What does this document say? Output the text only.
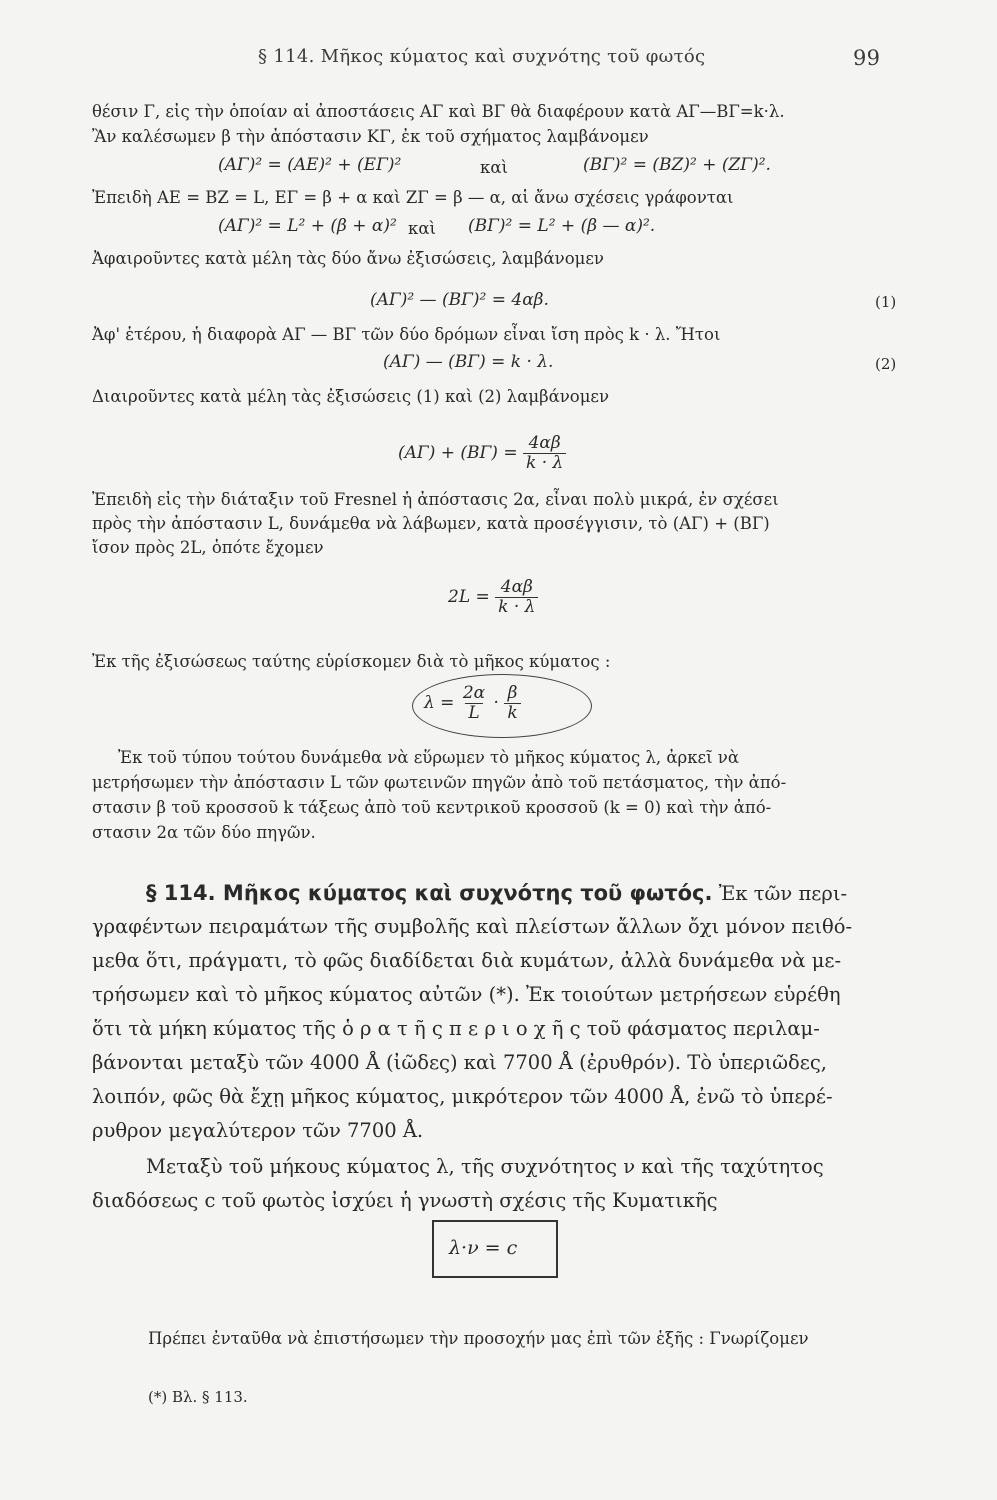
§ 114. Μῆκος κύματος καὶ συχνότης τοῦ φωτός	99
θέσιν Γ, εἰς τὴν ὁποίαν αἱ ἀποστάσεις ΑΓ καὶ ΒΓ θὰ διαφέρουν κατὰ ΑΓ—ΒΓ=k·λ.
Ἂν καλέσωμεν β τὴν ἀπόστασιν ΚΓ, ἐκ τοῦ σχήματος λαμβάνομεν
(ΑΓ)² = (ΑΕ)² + (ΕΓ)²	καὶ	(ΒΓ)² = (ΒΖ)² + (ΖΓ)².
Ἐπειδὴ ΑΕ = ΒΖ = L, ΕΓ = β + α καὶ ΖΓ = β — α, αἱ ἄνω σχέσεις γράφονται
(ΑΓ)² = L² + (β + α)² καὶ (ΒΓ)² = L² + (β — α)².
Ἀφαιροῦντες κατὰ μέλη τὰς δύο ἄνω ἐξισώσεις, λαμβάνομεν
(ΑΓ)² — (ΒΓ)² = 4αβ.	(1)
Ἀφ' ἑτέρου, ἡ διαφορὰ ΑΓ — ΒΓ τῶν δύο δρόμων εἶναι ἴση πρὸς k · λ. Ἤτοι
(ΑΓ) — (ΒΓ) = k · λ.	(2)
Διαιροῦντες κατὰ μέλη τὰς ἐξισώσεις (1) καὶ (2) λαμβάνομεν
$(A\Gamma) + (B\Gamma) = \frac{4\alpha\beta}{k \cdot \lambda}$
Ἐπειδὴ εἰς τὴν διάταξιν τοῦ Fresnel ἡ ἀπόστασις 2α, εἶναι πολὺ μικρά, ἐν σχέσει
πρὸς τὴν ἀπόστασιν L, δυνάμεθα νὰ λάβωμεν, κατὰ προσέγγισιν, τὸ (ΑΓ) + (ΒΓ)
ἴσον πρὸς 2L, ὁπότε ἔχομεν
$2L = \frac{4\alpha\beta}{k \cdot \lambda}$
Ἐκ τῆς ἐξισώσεως ταύτης εὑρίσκομεν διὰ τὸ μῆκος κύματος :
$\lambda = \frac{2\alpha}{L} \cdot \frac{\beta}{k}$
Ἐκ τοῦ τύπου τούτου δυνάμεθα νὰ εὕρωμεν τὸ μῆκος κύματος λ, ἀρκεῖ νὰ
μετρήσωμεν τὴν ἀπόστασιν L τῶν φωτεινῶν πηγῶν ἀπὸ τοῦ πετάσματος, τὴν ἀπό-
στασιν β τοῦ κροσσοῦ k τάξεως ἀπὸ τοῦ κεντρικοῦ κροσσοῦ (k = 0) καὶ τὴν ἀπό-
στασιν 2α τῶν δύο πηγῶν.
§ 114. Μῆκος κύματος καὶ συχνότης τοῦ φωτός. Ἐκ τῶν περι-
γραφέντων πειραμάτων τῆς συμβολῆς καὶ πλείστων ἄλλων ὄχι μόνον πειθό-
μεθα ὅτι, πράγματι, τὸ φῶς διαδίδεται διὰ κυμάτων, ἀλλὰ δυνάμεθα νὰ με-
τρήσωμεν καὶ τὸ μῆκος κύματος αὐτῶν (*). Ἐκ τοιούτων μετρήσεων εὑρέθη
ὅτι τὰ μήκη κύματος τῆς ὁ ρ α τ ῆ ς π ε ρ ι ο χ ῆ ς τοῦ φάσματος περιλαμ-
βάνονται μεταξὺ τῶν 4000 Å (ἰῶδες) καὶ 7700 Å (ἐρυθρόν). Τὸ ὑπεριῶδες,
λοιπόν, φῶς θὰ ἔχῃ μῆκος κύματος, μικρότερον τῶν 4000 Å, ἐνῶ τὸ ὑπερέ-
ρυθρον μεγαλύτερον τῶν 7700 Å.
Μεταξὺ τοῦ μήκους κύματος λ, τῆς συχνότητος ν καὶ τῆς ταχύτητος
διαδόσεως c τοῦ φωτὸς ἰσχύει ἡ γνωστὴ σχέσις τῆς Κυματικῆς
λ·ν = c
Πρέπει ἐνταῦθα νὰ ἐπιστήσωμεν τὴν προσοχήν μας ἐπὶ τῶν ἑξῆς : Γνωρίζομεν
(*) Βλ. § 113.
